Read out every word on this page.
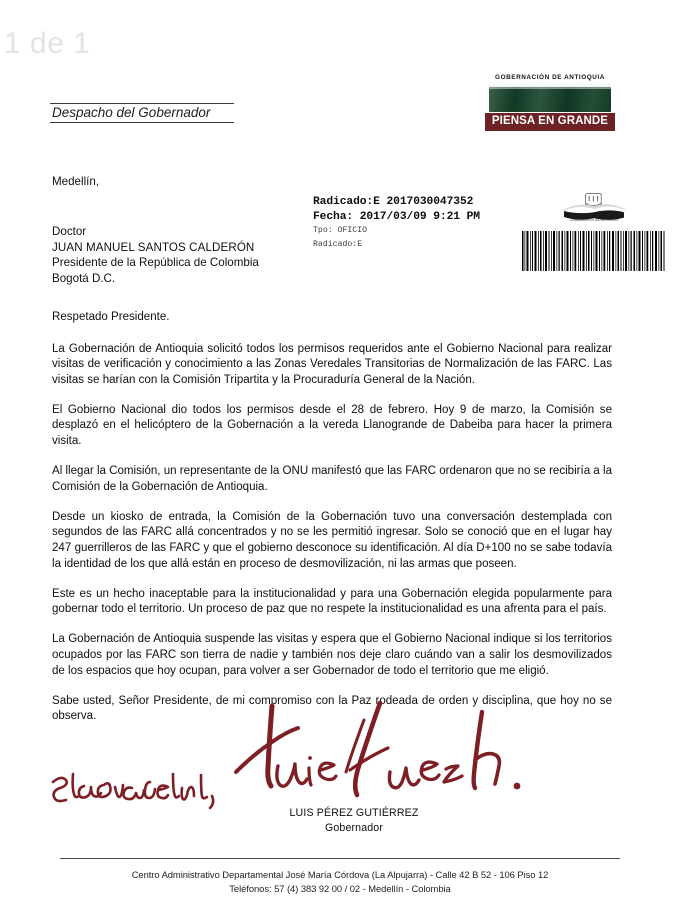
1 de 1
GOBERNACIÓN DE ANTIOQUIA
PIENSA EN GRANDE
Despacho del Gobernador
Medellín,
Doctor
JUAN MANUEL SANTOS CALDERÓN
Presidente de la República de Colombia
Bogotá D.C.
Radicado:E 2017030047352
Fecha: 2017/03/09 9:21 PM
Tpo: OFICIO
Radicado:E
GOBERNACIÓN DE ANTIOQUIA

Respetado Presidente.

La Gobernación de Antioquia solicitó todos los permisos requeridos ante el Gobierno Nacional para realizar visitas de verificación y conocimiento a las Zonas Veredales Transitorias de Normalización de las FARC. Las visitas se harían con la Comisión Tripartita y la Procuraduría General de la Nación.

El Gobierno Nacional dio todos los permisos desde el 28 de febrero. Hoy 9 de marzo, la Comisión se desplazó en el helicóptero de la Gobernación a la vereda Llanogrande de Dabeiba para hacer la primera visita.

Al llegar la Comisión, un representante de la ONU manifestó que las FARC ordenaron que no se recibiría a la Comisión de la Gobernación de Antioquia.

Desde un kiosko de entrada, la Comisión de la Gobernación tuvo una conversación destemplada con segundos de las FARC allá concentrados y no se les permitió ingresar. Solo se conoció que en el lugar hay 247 guerrilleros de las FARC y que el gobierno desconoce su identificación. Al día D+100 no se sabe todavía la identidad de los que allá están en proceso de desmovilización, ni las armas que poseen.

Este es un hecho inaceptable para la institucionalidad y para una Gobernación elegida popularmente para gobernar todo el territorio. Un proceso de paz que no respete la institucionalidad es una afrenta para el país.

La Gobernación de Antioquia suspende las visitas y espera que el Gobierno Nacional indique si los territorios ocupados por las FARC son tierra de nadie y también nos deje claro cuándo van a salir los desmovilizados de los espacios que hoy ocupan, para volver a ser Gobernador de todo el territorio que me eligió.

Sabe usted, Señor Presidente, de mi compromiso con la Paz rodeada de orden y disciplina, que hoy no se observa.

LUIS PÉREZ GUTIÉRREZ
Gobernador
Centro Administrativo Departamental José María Córdova (La Alpujarra) - Calle 42 B 52 - 106 Piso 12
Teléfonos: 57 (4) 383 92 00 / 02 - Medellín - Colombia
